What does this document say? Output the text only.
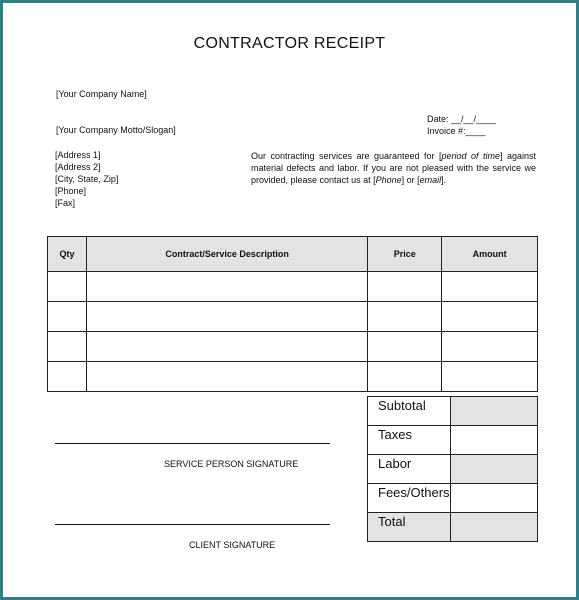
CONTRACTOR RECEIPT
[Your Company Name]
[Your Company Motto/Slogan]
[Address 1]
[Address 2]
[City, State, Zip]
[Phone]
[Fax]
Date: __/__/____
Invoice #:____
Our contracting services are guaranteed for [period of time] against material defects and labor. If you are not pleased with the service we provided, please contact us at [Phone] or [email].
Qty	Contract/Service Description	Price	Amount

Subtotal	
Taxes	
Labor	
Fees/Others	
Total	
SERVICE PERSON SIGNATURE
CLIENT SIGNATURE
